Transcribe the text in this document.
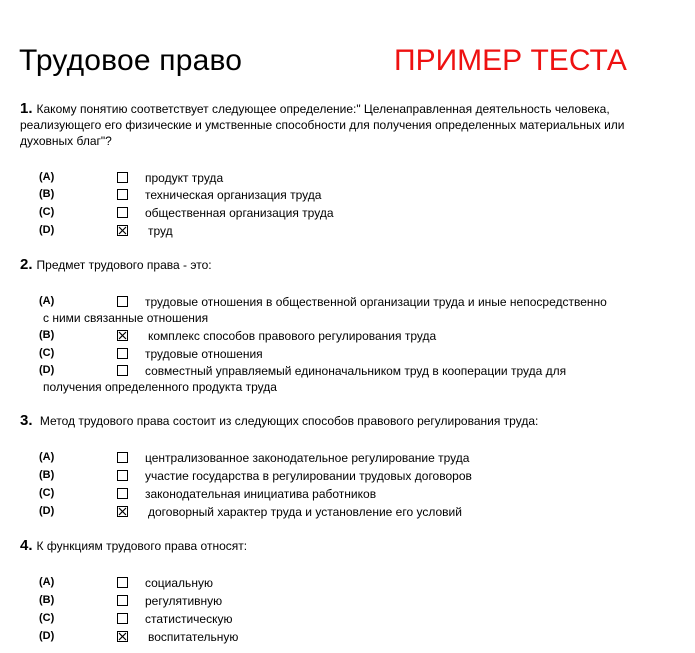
Трудовое право	ПРИМЕР ТЕСТА
1. Какому понятию соответствует следующее определение:" Целенаправленная деятельность человека, реализующего его физические и умственные способности для получения определенных материальных или духовных благ"?
(A)	продукт труда
(B)	техническая организация труда
(C)	общественная организация труда
(D)	труд
2. Предмет трудового права - это:
(A)	трудовые отношения в общественной организации труда и иные непосредственно
с ними связанные отношения
(B)	комплекс способов правового регулирования труда
(C)	трудовые отношения
(D)	совместный управляемый единоначальником труд в кооперации труда для
получения определенного продукта труда
3. Метод трудового права состоит из следующих способов правового регулирования труда:
(A)	централизованное законодательное регулирование труда
(B)	участие государства в регулировании трудовых договоров
(C)	законодательная инициатива работников
(D)	договорный характер труда и установление его условий
4. К функциям трудового права относят:
(A)	социальную
(B)	регулятивную
(C)	статистическую
(D)	воспитательную
